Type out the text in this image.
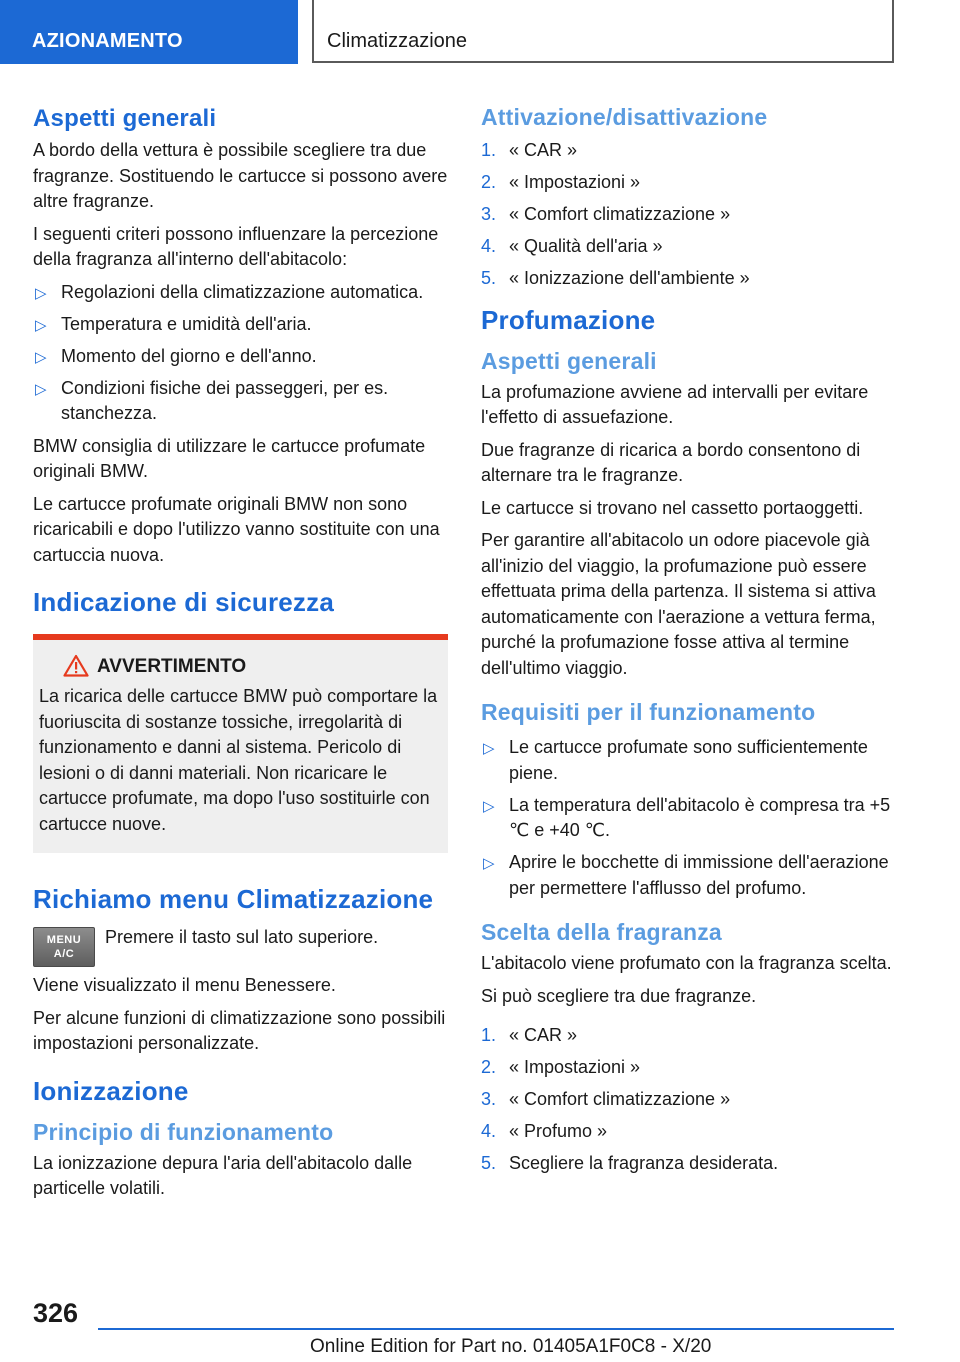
AZIONAMENTO	Climatizzazione
Aspetti generali

A bordo della vettura è possibile scegliere tra due fragranze. Sostituendo le cartucce si possono avere altre fragranze.

I seguenti criteri possono influenzare la percezione della fragranza all'interno dell'abitacolo:

▷ Regolazioni della climatizzazione automatica.
▷ Temperatura e umidità dell'aria.
▷ Momento del giorno e dell'anno.
▷ Condizioni fisiche dei passeggeri, per es. stanchezza.

BMW consiglia di utilizzare le cartucce profumate originali BMW.

Le cartucce profumate originali BMW non sono ricaricabili e dopo l'utilizzo vanno sostituite con una cartuccia nuova.

Indicazione di sicurezza
AVVERTIMENTO

La ricarica delle cartucce BMW può comportare la fuoriuscita di sostanze tossiche, irregolarità di funzionamento e danni al sistema. Pericolo di lesioni o di danni materiali. Non ricaricare le cartucce profumate, ma dopo l'uso sostituirle con cartucce nuove.

Richiamo menu Climatizzazione
MENU
A/C

Premere il tasto sul lato superiore.

Viene visualizzato il menu Benessere.

Per alcune funzioni di climatizzazione sono possibili impostazioni personalizzate.

Ionizzazione
Principio di funzionamento

La ionizzazione depura l'aria dell'abitacolo dalle particelle volatili.

Attivazione/disattivazione
1. « CAR »
2. « Impostazioni »
3. « Comfort climatizzazione »
4. « Qualità dell'aria »
5. « Ionizzazione dell'ambiente »
Profumazione
Aspetti generali

La profumazione avviene ad intervalli per evitare l'effetto di assuefazione.

Due fragranze di ricarica a bordo consentono di alternare tra le fragranze.

Le cartucce si trovano nel cassetto portaoggetti.

Per garantire all'abitacolo un odore piacevole già all'inizio del viaggio, la profumazione può essere effettuata prima della partenza. Il sistema si attiva automaticamente con l'aerazione a vettura ferma, purché la profumazione fosse attiva al termine dell'ultimo viaggio.

Requisiti per il funzionamento
▷ Le cartucce profumate sono sufficientemente piene.
▷ La temperatura dell'abitacolo è compresa tra +5 ℃ e +40 ℃.
▷ Aprire le bocchette di immissione dell'aerazione per permettere l'afflusso del profumo.
Scelta della fragranza

L'abitacolo viene profumato con la fragranza scelta.

Si può scegliere tra due fragranze.

1. « CAR »
2. « Impostazioni »
3. « Comfort climatizzazione »
4. « Profumo »
5. Scegliere la fragranza desiderata.
326
Online Edition for Part no. 01405A1F0C8 - X/20
